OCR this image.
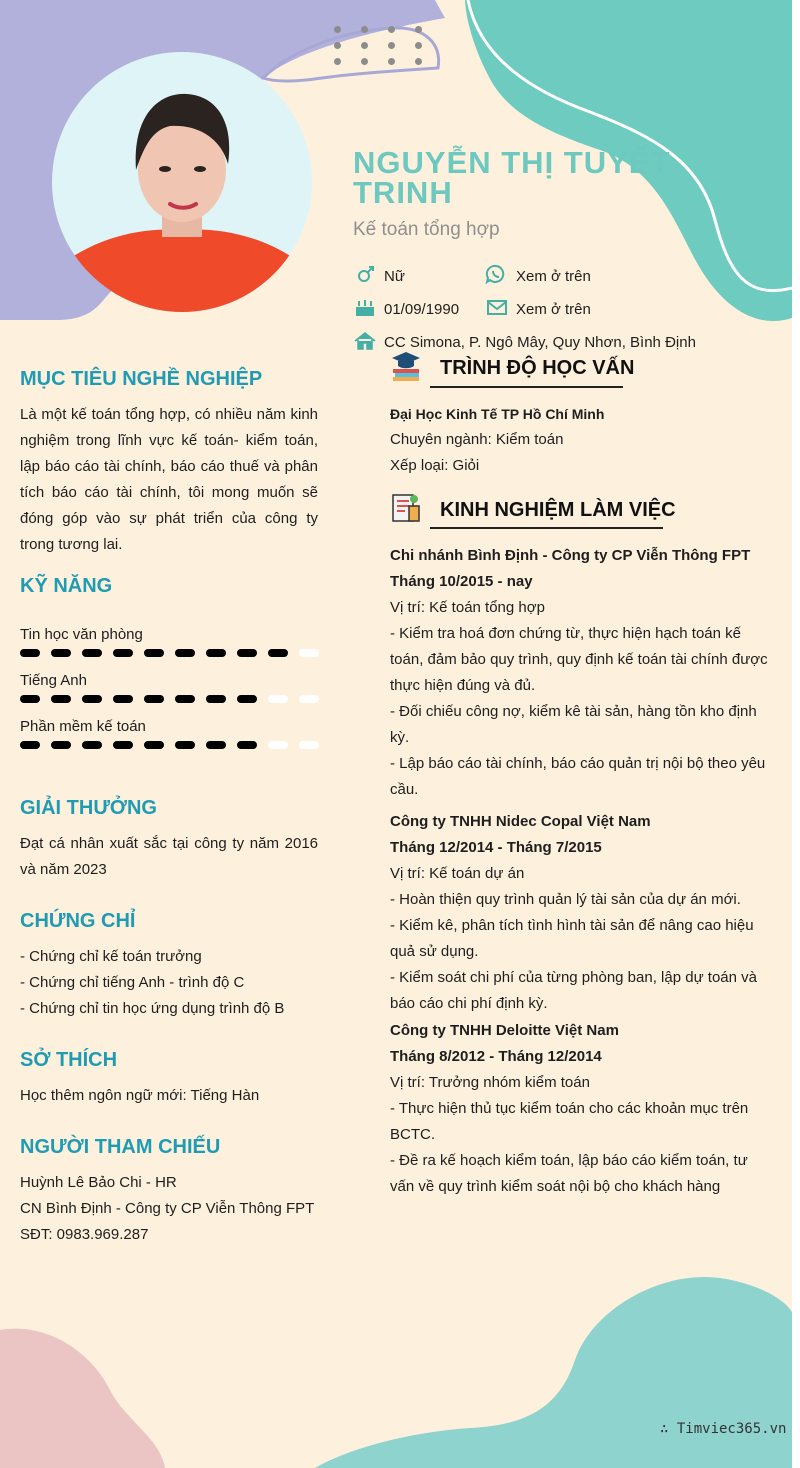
NGUYỄN THỊ TUYẾT TRINH
Kế toán tổng hợp
Nữ	Xem ở trên
01/09/1990	Xem ở trên
CC Simona, P. Ngô Mây, Quy Nhơn, Bình Định
MỤC TIÊU NGHỀ NGHIỆP
Là một kế toán tổng hợp, có nhiều năm kinh nghiệm trong lĩnh vực kế toán- kiểm toán, lập báo cáo tài chính, báo cáo thuế và phân tích báo cáo tài chính, tôi mong muốn sẽ đóng góp vào sự phát triển của công ty trong tương lai.
KỸ NĂNG
Tin học văn phòng
Tiếng Anh
Phần mềm kế toán
GIẢI THƯỞNG
Đạt cá nhân xuất sắc tại công ty năm 2016 và năm 2023
CHỨNG CHỈ
- Chứng chỉ kế toán trưởng
- Chứng chỉ tiếng Anh - trình độ C
- Chứng chỉ tin học ứng dụng trình độ B
SỞ THÍCH
Học thêm ngôn ngữ mới: Tiếng Hàn
NGƯỜI THAM CHIẾU
Huỳnh Lê Bảo Chi - HR
CN Bình Định - Công ty CP Viễn Thông FPT
SĐT: 0983.969.287
TRÌNH ĐỘ HỌC VẤN
Đại Học Kinh Tế TP Hồ Chí Minh
Chuyên ngành: Kiểm toán
Xếp loại: Giỏi
KINH NGHIỆM LÀM VIỆC
Chi nhánh Bình Định - Công ty CP Viễn Thông FPT
Tháng 10/2015 - nay
Vị trí: Kế toán tổng hợp
- Kiểm tra hoá đơn chứng từ, thực hiện hạch toán kế toán, đảm bảo quy trình, quy định kế toán tài chính được thực hiện đúng và đủ.
- Đối chiếu công nợ, kiểm kê tài sản, hàng tồn kho định kỳ.
- Lập báo cáo tài chính, báo cáo quản trị nội bộ theo yêu cầu.
Công ty TNHH Nidec Copal Việt Nam
Tháng 12/2014 - Tháng 7/2015
Vị trí: Kế toán dự án
- Hoàn thiện quy trình quản lý tài sản của dự án mới.
- Kiểm kê, phân tích tình hình tài sản để nâng cao hiệu quả sử dụng.
- Kiểm soát chi phí của từng phòng ban, lập dự toán và báo cáo chi phí định kỳ.
Công ty TNHH Deloitte Việt Nam
Tháng 8/2012 - Tháng 12/2014
Vị trí: Trưởng nhóm kiểm toán
- Thực hiện thủ tục kiểm toán cho các khoản mục trên BCTC.
- Đề ra kế hoạch kiểm toán, lập báo cáo kiểm toán, tư vấn về quy trình kiểm soát nội bộ cho khách hàng
∴ Timviec365.vn
